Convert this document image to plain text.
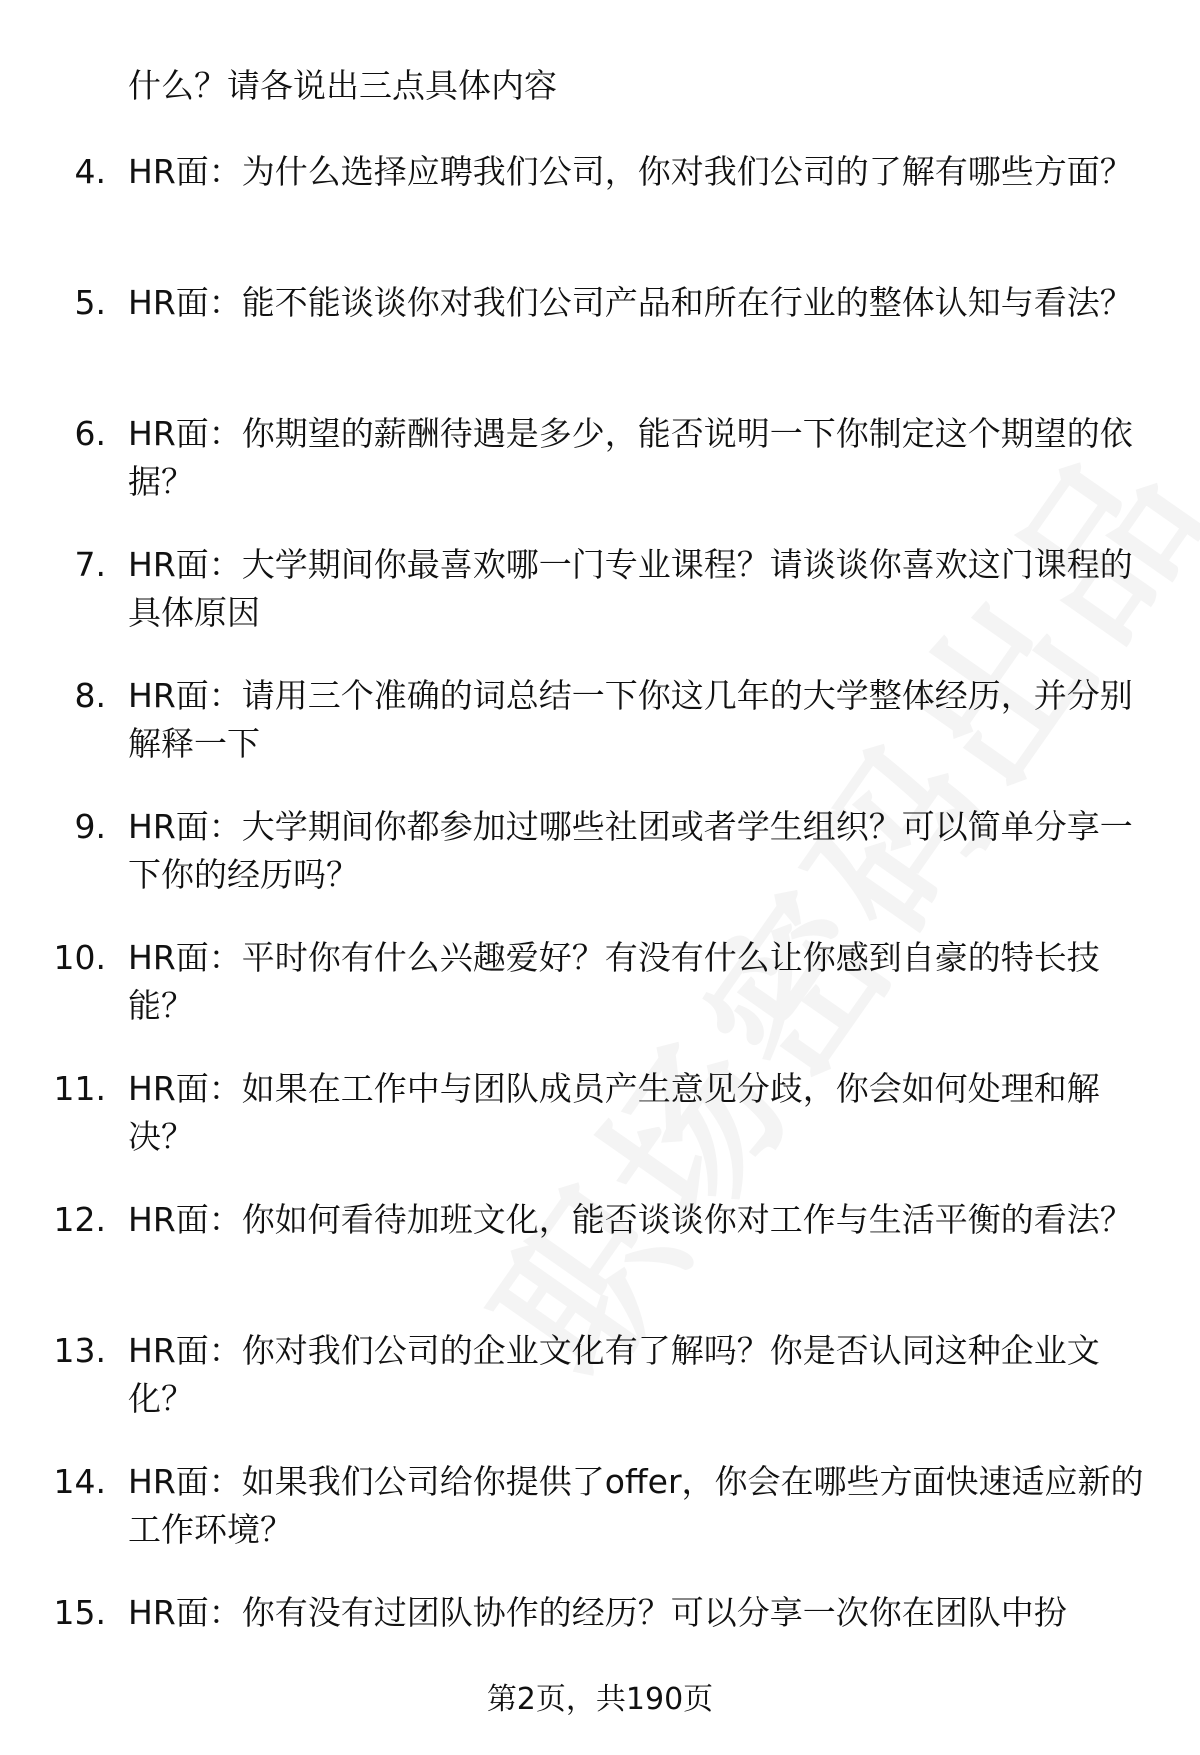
什么？请各说出三点具体内容
4. HR面：为什么选择应聘我们公司，你对我们公司的了解有哪些方面？
5. HR面：能不能谈谈你对我们公司产品和所在行业的整体认知与看法？
6. HR面：你期望的薪酬待遇是多少，能否说明一下你制定这个期望的依据？
7. HR面：大学期间你最喜欢哪一门专业课程？请谈谈你喜欢这门课程的具体原因
8. HR面：请用三个准确的词总结一下你这几年的大学整体经历，并分别解释一下
9. HR面：大学期间你都参加过哪些社团或者学生组织？可以简单分享一下你的经历吗？
10. HR面：平时你有什么兴趣爱好？有没有什么让你感到自豪的特长技能？
11. HR面：如果在工作中与团队成员产生意见分歧，你会如何处理和解决？
12. HR面：你如何看待加班文化，能否谈谈你对工作与生活平衡的看法？
13. HR面：你对我们公司的企业文化有了解吗？你是否认同这种企业文化？
14. HR面：如果我们公司给你提供了offer，你会在哪些方面快速适应新的工作环境？
15. HR面：你有没有过团队协作的经历？可以分享一次你在团队中扮
第2页，共190页
